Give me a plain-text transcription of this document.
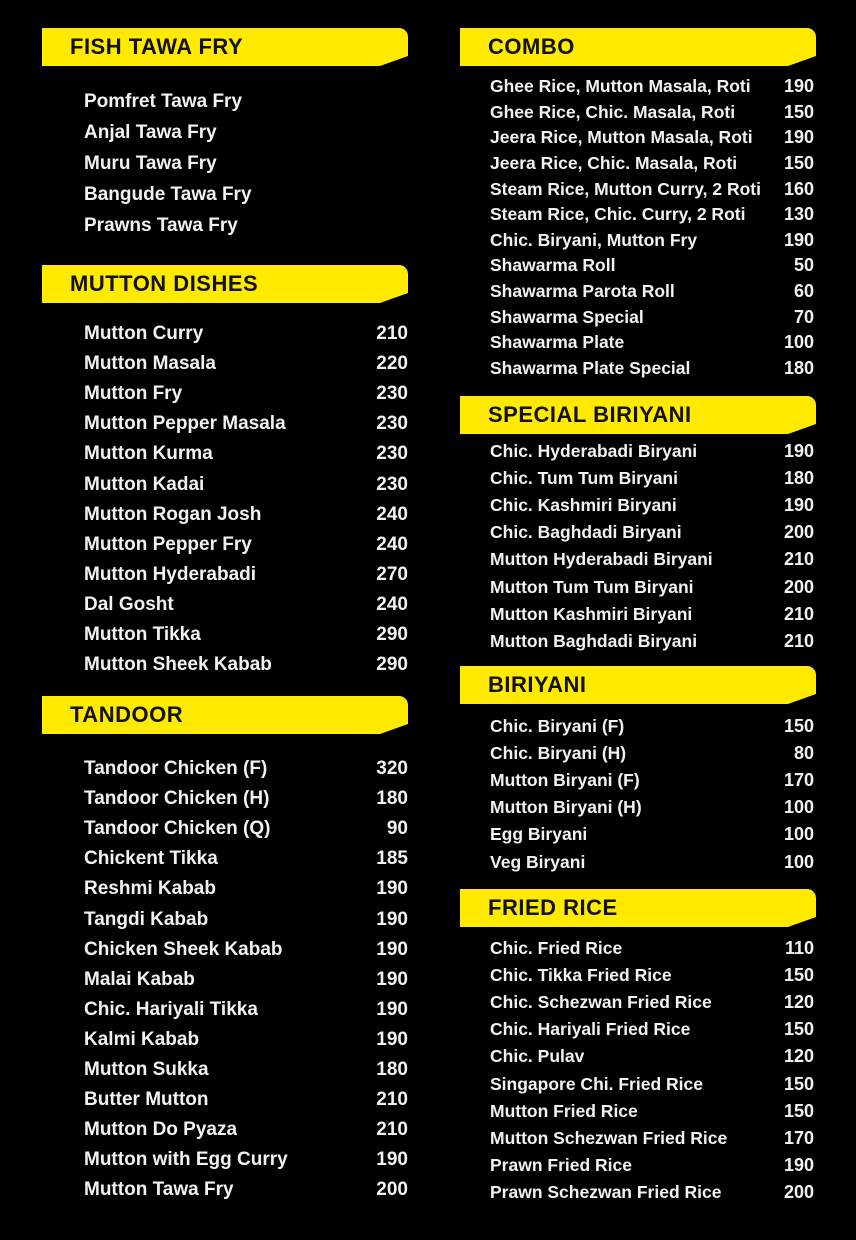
FISH TAWA FRY
Pomfret Tawa Fry
Anjal Tawa Fry
Muru Tawa Fry
Bangude Tawa Fry
Prawns Tawa Fry
MUTTON DISHES
Mutton Curry	210
Mutton Masala	220
Mutton Fry	230
Mutton Pepper Masala	230
Mutton Kurma	230
Mutton Kadai	230
Mutton Rogan Josh	240
Mutton Pepper Fry	240
Mutton Hyderabadi	270
Dal Gosht	240
Mutton Tikka	290
Mutton Sheek Kabab	290
TANDOOR
Tandoor Chicken (F)	320
Tandoor Chicken (H)	180
Tandoor Chicken (Q)	90
Chickent Tikka	185
Reshmi Kabab	190
Tangdi Kabab	190
Chicken Sheek Kabab	190
Malai Kabab	190
Chic. Hariyali Tikka	190
Kalmi Kabab	190
Mutton Sukka	180
Butter Mutton	210
Mutton Do Pyaza	210
Mutton with Egg Curry	190
Mutton Tawa Fry	200
COMBO
Ghee Rice, Mutton Masala, Roti	190
Ghee Rice, Chic. Masala, Roti	150
Jeera Rice, Mutton Masala, Roti	190
Jeera Rice, Chic. Masala, Roti	150
Steam Rice, Mutton Curry, 2 Roti	160
Steam Rice, Chic. Curry, 2 Roti	130
Chic. Biryani, Mutton Fry	190
Shawarma Roll	50
Shawarma Parota Roll	60
Shawarma Special	70
Shawarma Plate	100
Shawarma Plate Special	180
SPECIAL BIRIYANI
Chic. Hyderabadi Biryani	190
Chic. Tum Tum Biryani	180
Chic. Kashmiri Biryani	190
Chic. Baghdadi Biryani	200
Mutton Hyderabadi Biryani	210
Mutton Tum Tum Biryani	200
Mutton Kashmiri Biryani	210
Mutton Baghdadi Biryani	210
BIRIYANI
Chic. Biryani (F)	150
Chic. Biryani (H)	80
Mutton Biryani (F)	170
Mutton Biryani (H)	100
Egg Biryani	100
Veg Biryani	100
FRIED RICE
Chic. Fried Rice	110
Chic. Tikka Fried Rice	150
Chic. Schezwan Fried Rice	120
Chic. Hariyali Fried Rice	150
Chic. Pulav	120
Singapore Chi. Fried Rice	150
Mutton Fried Rice	150
Mutton Schezwan Fried Rice	170
Prawn Fried Rice	190
Prawn Schezwan Fried Rice	200
